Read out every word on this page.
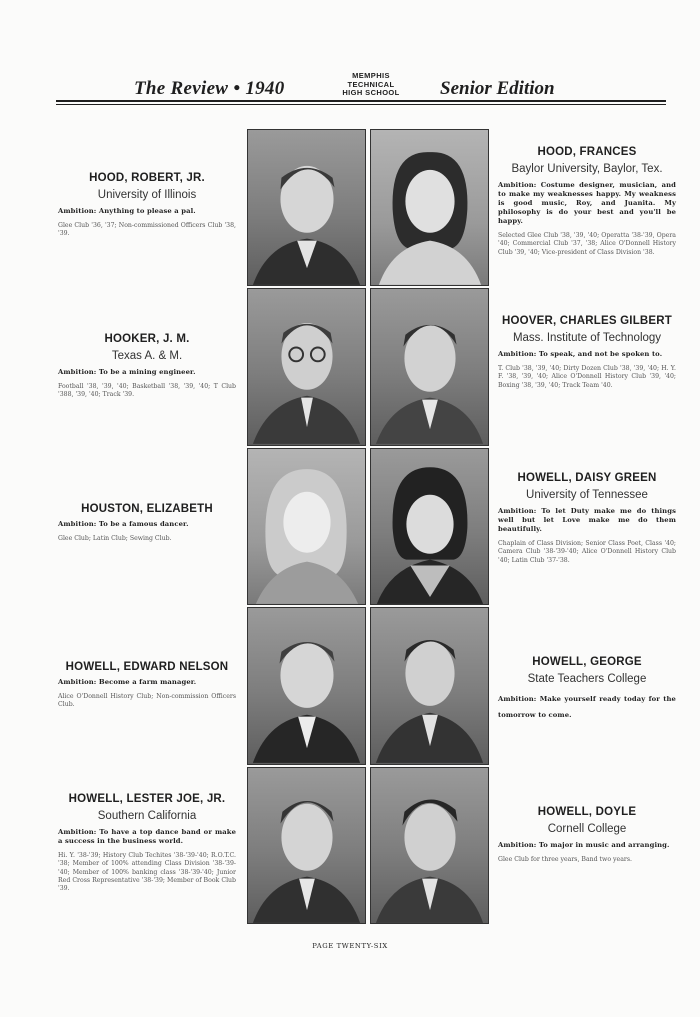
The Review • 1940
MEMPHIS
TECHNICAL
HIGH SCHOOL Senior Edition
HOOD, ROBERT, JR.
University of Illinois
Ambition: Anything to please a pal.
Glee Club '36, '37; Non-commissioned Officers Club '38, '39.
HOOKER, J. M.
Texas A. & M.
Ambition: To be a mining engineer.
Football '38, '39, '40; Basketball '38, '39, '40; T Club '388, '39, '40; Track '39.
HOUSTON, ELIZABETH
Ambition: To be a famous dancer.
Glee Club; Latin Club; Sewing Club.
HOWELL, EDWARD NELSON
Ambition: Become a farm manager.
Alice O'Donnell History Club; Non-commission Officers Club.
HOWELL, LESTER JOE, JR.
Southern California
Ambition: To have a top dance band or make a success in the business world.
Hi. Y. '38-'39; History Club Techites '38-'39-'40; R.O.T.C. '38; Member of 100% attending Class Division '38-'39-'40; Member of 100% banking class '38-'39-'40; Junior Red Cross Representative '38-'39; Member of Book Club '39.
HOOD, FRANCES
Baylor University, Baylor, Tex.
Ambition: Costume designer, musician, and to make my weaknesses happy. My weakness is good music, Roy, and Juanita. My philosophy is do your best and you'll be happy.
Selected Glee Club '38, '39, '40; Operatta '38-'39, Opera '40; Commercial Club '37, '38; Alice O'Donnell History Club '39, '40; Vice-president of Class Division '38.
HOOVER, CHARLES GILBERT
Mass. Institute of Technology
Ambition: To speak, and not be spoken to.
T. Club '38, '39, '40; Dirty Dozen Club '38, '39, '40; H. Y. F. '38, '39, '40; Alice O'Donnell History Club '39, '40; Boxing '38, '39, '40; Track Team '40.
HOWELL, DAISY GREEN
University of Tennessee
Ambition: To let Duty make me do things well but let Love make me do them beautifully.
Chaplain of Class Division; Senior Class Poet, Class '40; Camera Club '38-'39-'40; Alice O'Donnell History Club '40; Latin Club '37-'38.
HOWELL, GEORGE
State Teachers College
Ambition: Make yourself ready today for the tomorrow to come.
HOWELL, DOYLE
Cornell College
Ambition: To major in music and arranging.
Glee Club for three years, Band two years.
PAGE TWENTY-SIX
